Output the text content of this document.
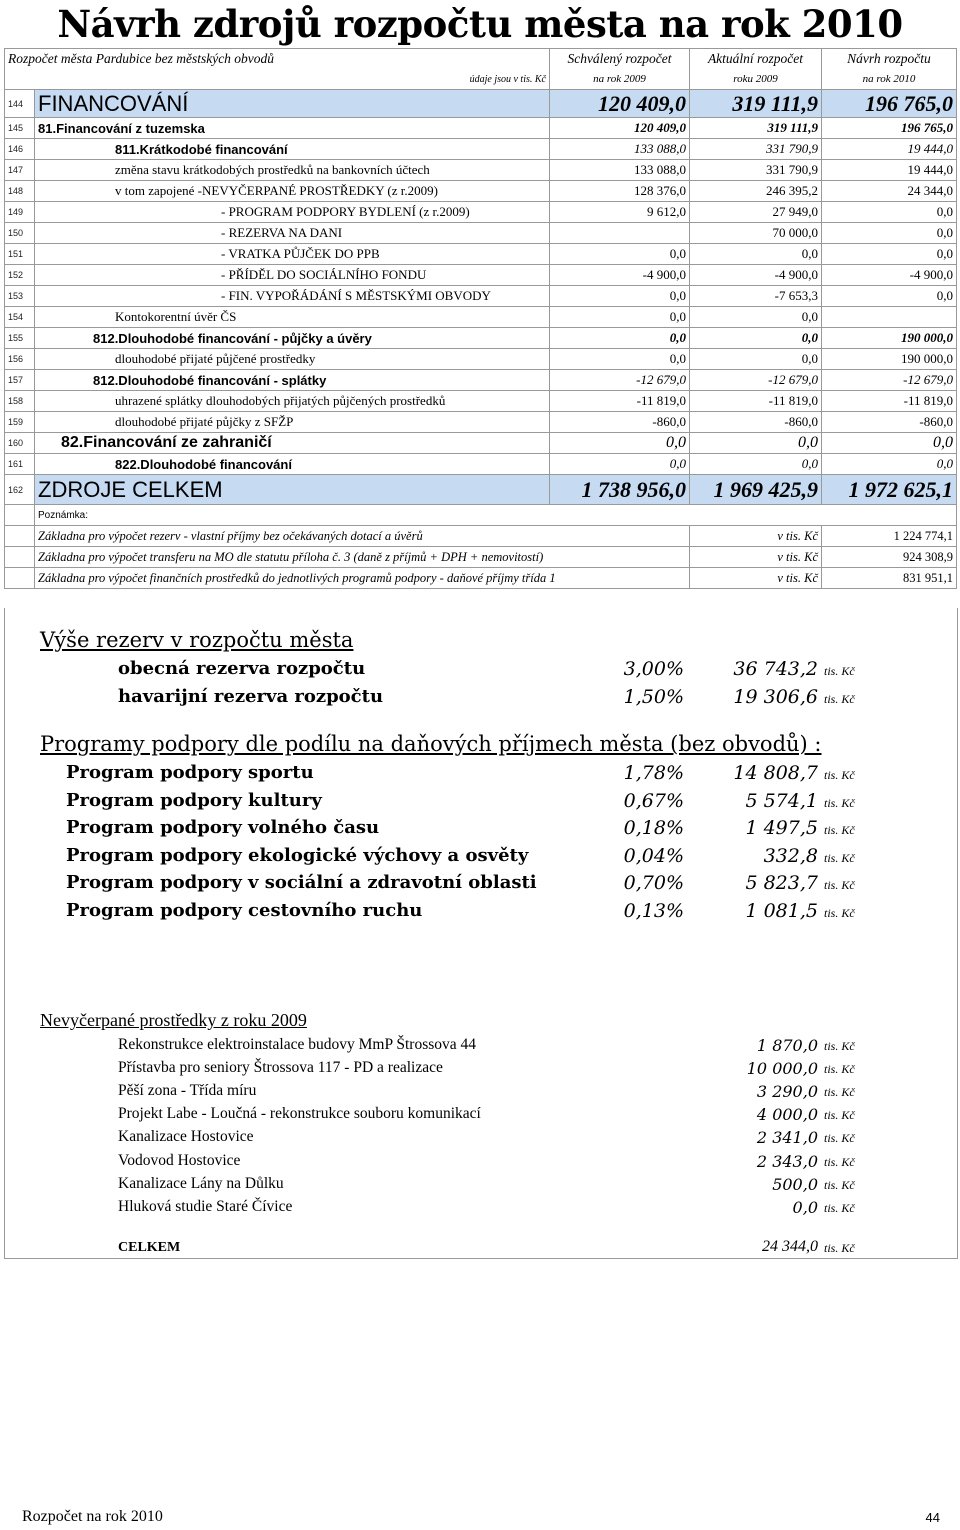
Návrh zdrojů rozpočtu města na rok 2010
Rozpočet města Pardubice bez městských obvodů		Schválený rozpočet	Aktuální rozpočet	Návrh rozpočtu
údaje jsou v tis. Kč		na rok 2009	roku 2009	na rok 2010
144	FINANCOVÁNÍ	120 409,0	319 111,9	196 765,0
145	81.Financování z tuzemska	120 409,0	319 111,9	196 765,0
146	811.Krátkodobé financování	133 088,0	331 790,9	19 444,0
147	změna stavu krátkodobých prostředků na bankovních účtech	133 088,0	331 790,9	19 444,0
148	v tom zapojené -NEVYČERPANÉ PROSTŘEDKY (z r.2009)	128 376,0	246 395,2	24 344,0
149	- PROGRAM PODPORY BYDLENÍ (z r.2009)	9 612,0	27 949,0	0,0
150	- REZERVA NA DANI		70 000,0	0,0
151	- VRATKA PŮJČEK DO PPB	0,0	0,0	0,0
152	- PŘÍDĚL DO SOCIÁLNÍHO FONDU	-4 900,0	-4 900,0	-4 900,0
153	- FIN. VYPOŘÁDÁNÍ S MĚSTSKÝMI OBVODY	0,0	-7 653,3	0,0
154	Kontokorentní úvěr ČS	0,0	0,0	
155	812.Dlouhodobé financování - půjčky a úvěry	0,0	0,0	190 000,0
156	dlouhodobé přijaté půjčené prostředky	0,0	0,0	190 000,0
157	812.Dlouhodobé financování - splátky	-12 679,0	-12 679,0	-12 679,0
158	uhrazené splátky dlouhodobých přijatých půjčených prostředků	-11 819,0	-11 819,0	-11 819,0
159	dlouhodobé přijaté půjčky z SFŽP	-860,0	-860,0	-860,0
160	82.Financování ze zahraničí	0,0	0,0	0,0
161	822.Dlouhodobé financování	0,0	0,0	0,0
162	ZDROJE CELKEM	1 738 956,0	1 969 425,9	1 972 625,1
	Poznámka:			
	Základna pro výpočet rezerv - vlastní příjmy bez očekávaných dotací a úvěrů		v tis. Kč	1 224 774,1
	Základna pro výpočet transferu na MO dle statutu příloha č. 3 (daně z příjmů + DPH + nemovitostí)		v tis. Kč	924 308,9
	Základna pro výpočet finančních prostředků do jednotlivých programů podpory - daňové příjmy třída 1		v tis. Kč	831 951,1
Výše rezerv v rozpočtu města
obecná rezerva rozpočtu	3,00%	36 743,2 tis. Kč
havarijní rezerva rozpočtu	1,50%	19 306,6 tis. Kč
Programy podpory dle podílu na daňových příjmech města (bez obvodů) :
Program podpory sportu	1,78%	14 808,7 tis. Kč
Program podpory kultury	0,67%	5 574,1 tis. Kč
Program podpory volného času	0,18%	1 497,5 tis. Kč
Program podpory ekologické výchovy a osvěty	0,04%	332,8 tis. Kč
Program podpory v sociální a zdravotní oblasti	0,70%	5 823,7 tis. Kč
Program podpory cestovního ruchu	0,13%	1 081,5 tis. Kč
Nevyčerpané prostředky z roku 2009
Rekonstrukce elektroinstalace budovy MmP Štrossova 44	1 870,0 tis. Kč
Přístavba pro seniory Štrossova 117 - PD a realizace	10 000,0 tis. Kč
Pěší zona - Třída míru	3 290,0 tis. Kč
Projekt Labe - Loučná - rekonstrukce souboru komunikací	4 000,0 tis. Kč
Kanalizace Hostovice	2 341,0 tis. Kč
Vodovod Hostovice	2 343,0 tis. Kč
Kanalizace Lány na Důlku	500,0 tis. Kč
Hluková studie Staré Čívice	0,0 tis. Kč
CELKEM	24 344,0 tis. Kč
Rozpočet na rok 2010	44
